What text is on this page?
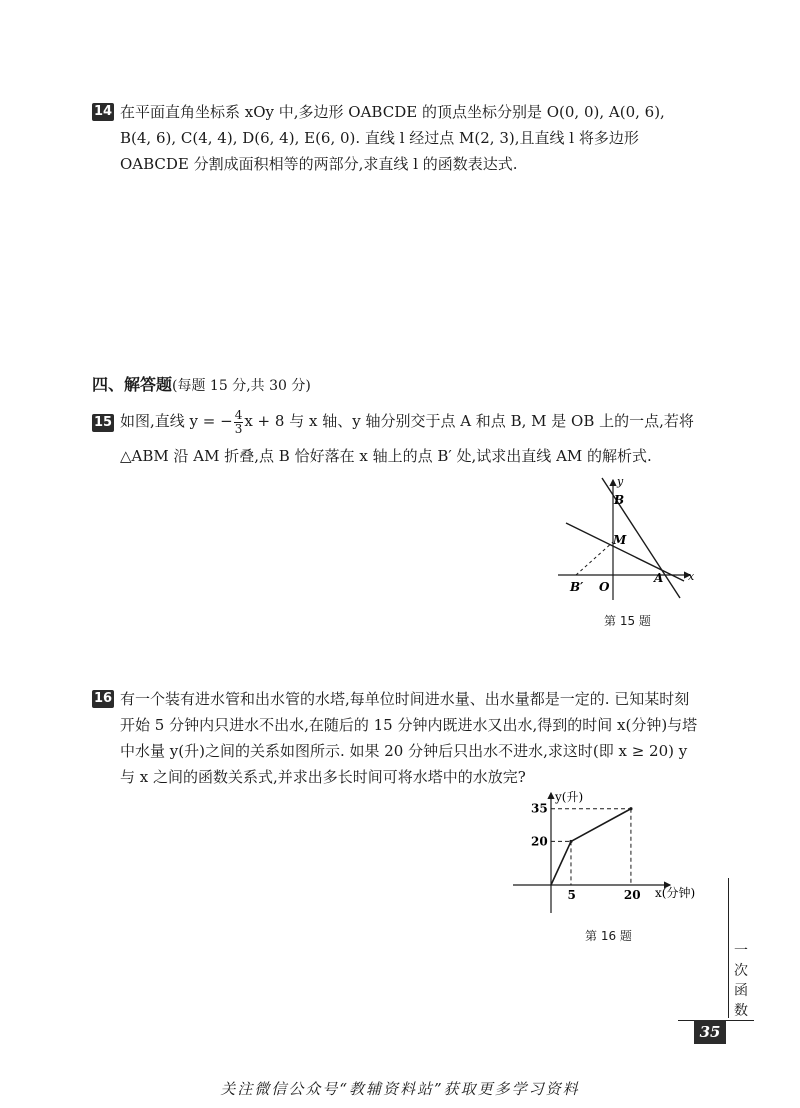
14 在平面直角坐标系 xOy 中,多边形 OABCDE 的顶点坐标分别是 O(0, 0), A(0, 6),
B(4, 6), C(4, 4), D(6, 4), E(6, 0). 直线 l 经过点 M(2, 3),且直线 l 将多边形
OABCDE 分割成面积相等的两部分,求直线 l 的函数表达式.
四、解答题(每题 15 分,共 30 分)
15 如图,直线 y = − $\frac{4}{3}$ x + 8 与 x 轴、y 轴分别交于点 A 和点 B, M 是 OB 上的一点,若将
△ABM 沿 AM 折叠,点 B 恰好落在 x 轴上的点 B′ 处,试求出直线 AM 的解析式.
y
x
B
M
O
A
B′
第 15 题
16 有一个装有进水管和出水管的水塔,每单位时间进水量、出水量都是一定的. 已知某时刻
开始 5 分钟内只进水不出水,在随后的 15 分钟内既进水又出水,得到的时间 x(分钟)与塔
中水量 y(升)之间的关系如图所示. 如果 20 分钟后只出水不进水,求这时(即 x ≥ 20) y
与 x 之间的函数关系式,并求出多长时间可将水塔中的水放完?
y(升)
x(分钟)
5	20
20
35
第 16 题
一
次
函
数
35
关注微信公众号“教辅资料站”获取更多学习资料
